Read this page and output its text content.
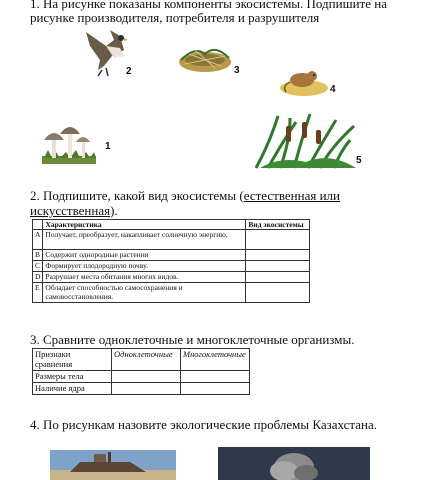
1. На рисунке показаны компоненты экосистемы. Подпишите на
рисунке производителя, потребителя и разрушителя
2	3
4
1
5
2. Подпишите, какой вид экосистемы (естественная или
искусственная).
	Характеристика	Вид экосистемы
A	Получает, преобразует, накапливает солнечную энергию.	
B	Содержит однородные растения	
C	Формирует плодородную почву.	
D	Разрушает места обитания многих видов.	
E	Обладает способностью самосохранения и самовосстановления.	
3. Сравните одноклеточные и многоклеточные организмы.
Признаки сравнения	Одноклеточные	Многоклеточные
Размеры тела		
Наличие ядра		
4. По рисункам назовите экологические проблемы Казахстана.
